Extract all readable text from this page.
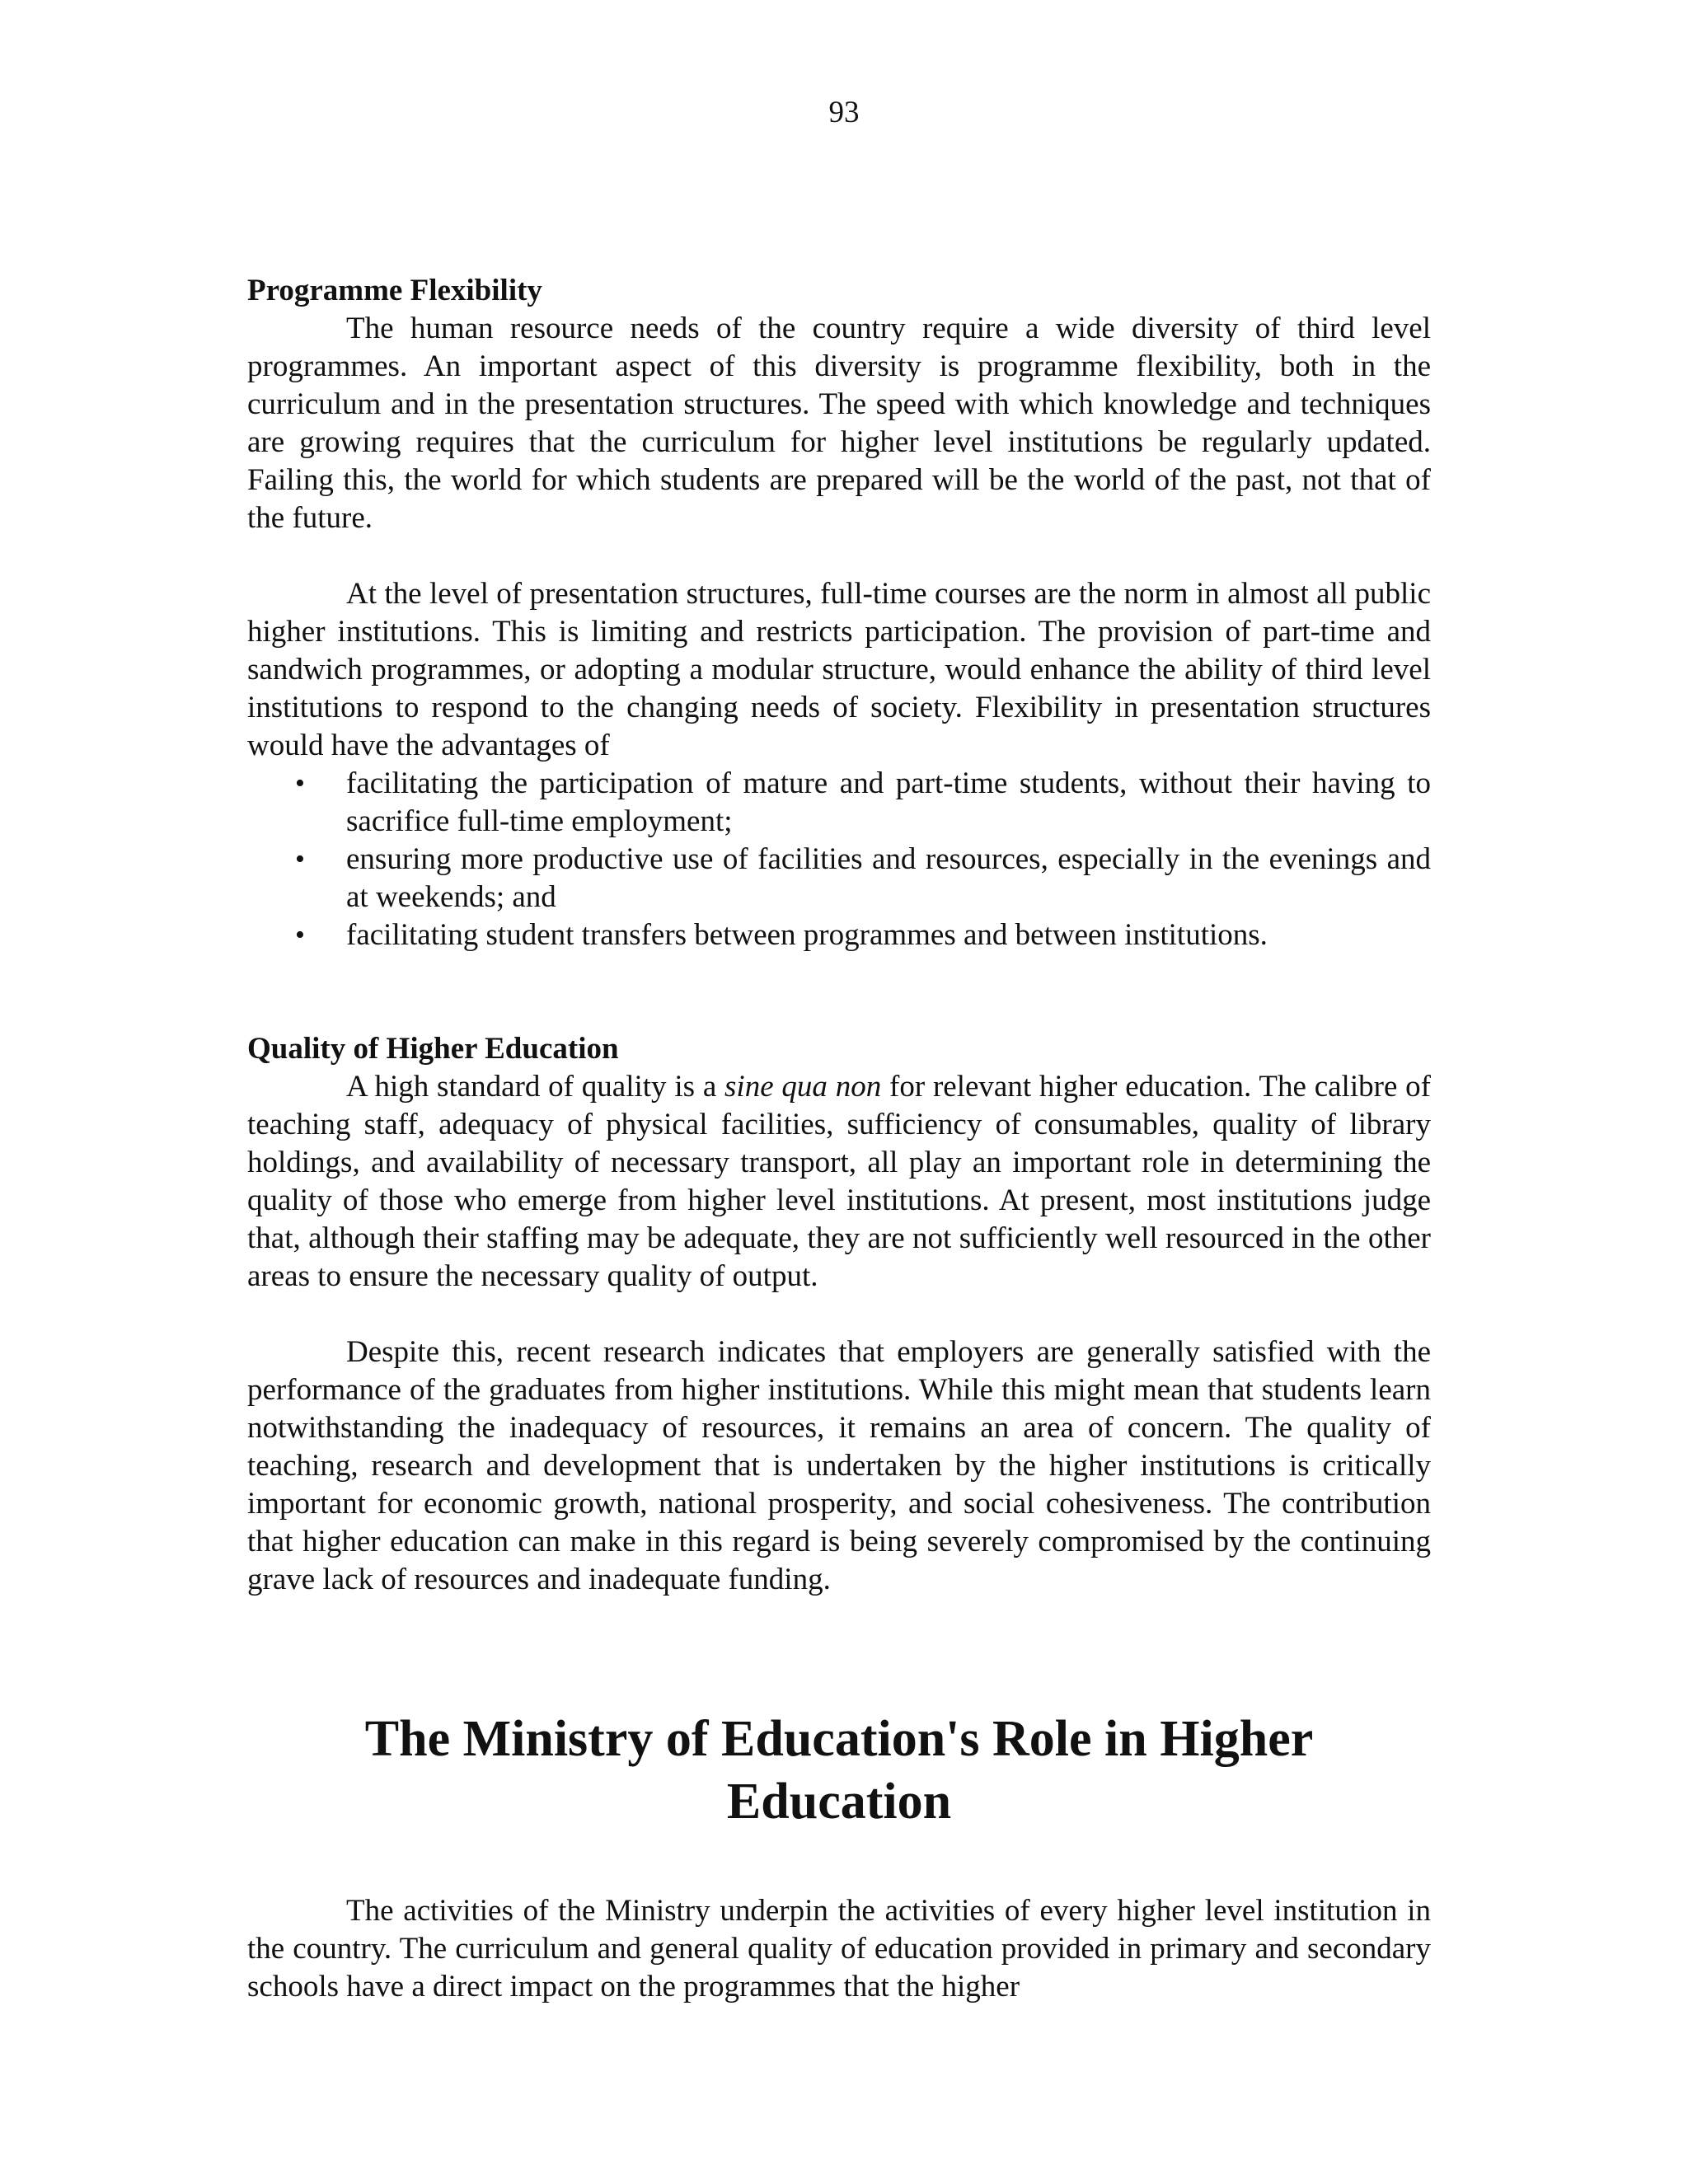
93

Programme Flexibility

The human resource needs of the country require a wide diversity of third level programmes. An important aspect of this diversity is programme flexibility, both in the curriculum and in the presentation structures. The speed with which knowledge and techniques are growing requires that the curriculum for higher level institutions be regularly updated. Failing this, the world for which students are prepared will be the world of the past, not that of the future.

At the level of presentation structures, full-time courses are the norm in almost all public higher institutions. This is limiting and restricts participation. The provision of part-time and sandwich programmes, or adopting a modular structure, would enhance the ability of third level institutions to respond to the changing needs of society. Flexibility in presentation structures would have the advantages of

• facilitating the participation of mature and part-time students, without their having to sacrifice full-time employment;
• ensuring more productive use of facilities and resources, especially in the evenings and at weekends; and
• facilitating student transfers between programmes and between institutions.

Quality of Higher Education

A high standard of quality is a sine qua non for relevant higher education. The calibre of teaching staff, adequacy of physical facilities, sufficiency of consumables, quality of library holdings, and availability of necessary transport, all play an important role in determining the quality of those who emerge from higher level institutions. At present, most institutions judge that, although their staffing may be adequate, they are not sufficiently well resourced in the other areas to ensure the necessary quality of output.

Despite this, recent research indicates that employers are generally satisfied with the performance of the graduates from higher institutions. While this might mean that students learn notwithstanding the inadequacy of resources, it remains an area of concern. The quality of teaching, research and development that is undertaken by the higher institutions is critically important for economic growth, national prosperity, and social cohesiveness. The contribution that higher education can make in this regard is being severely compromised by the continuing grave lack of resources and inadequate funding.

The Ministry of Education's Role in Higher Education

The activities of the Ministry underpin the activities of every higher level institution in the country. The curriculum and general quality of education provided in primary and secondary schools have a direct impact on the programmes that the higher
